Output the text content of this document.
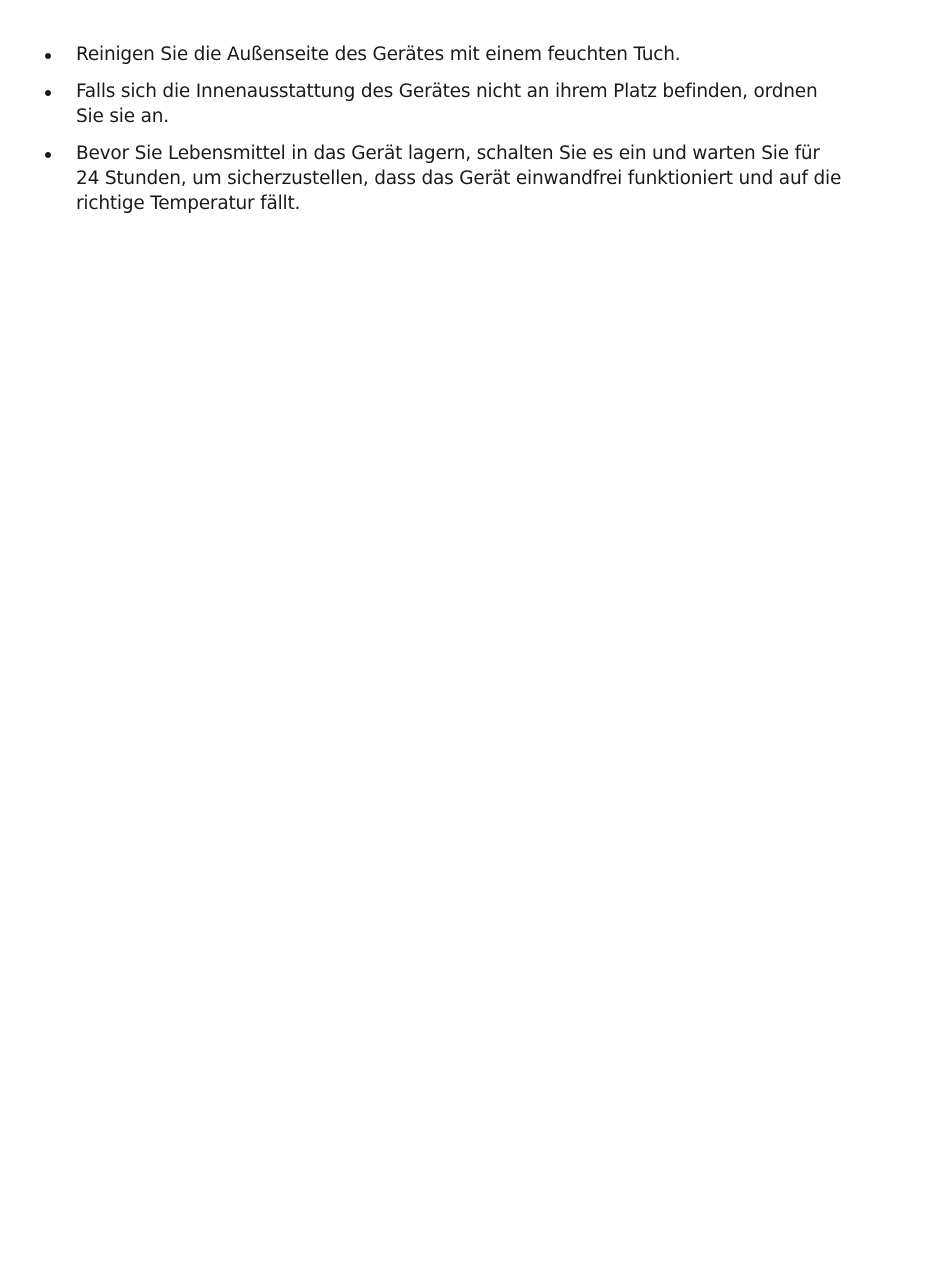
Reinigen Sie die Außenseite des Gerätes mit einem feuchten Tuch.
Falls sich die Innenausstattung des Gerätes nicht an ihrem Platz befinden, ordnen
Sie sie an.
Bevor Sie Lebensmittel in das Gerät lagern, schalten Sie es ein und warten Sie für
24 Stunden, um sicherzustellen, dass das Gerät einwandfrei funktioniert und auf die
richtige Temperatur fällt.
